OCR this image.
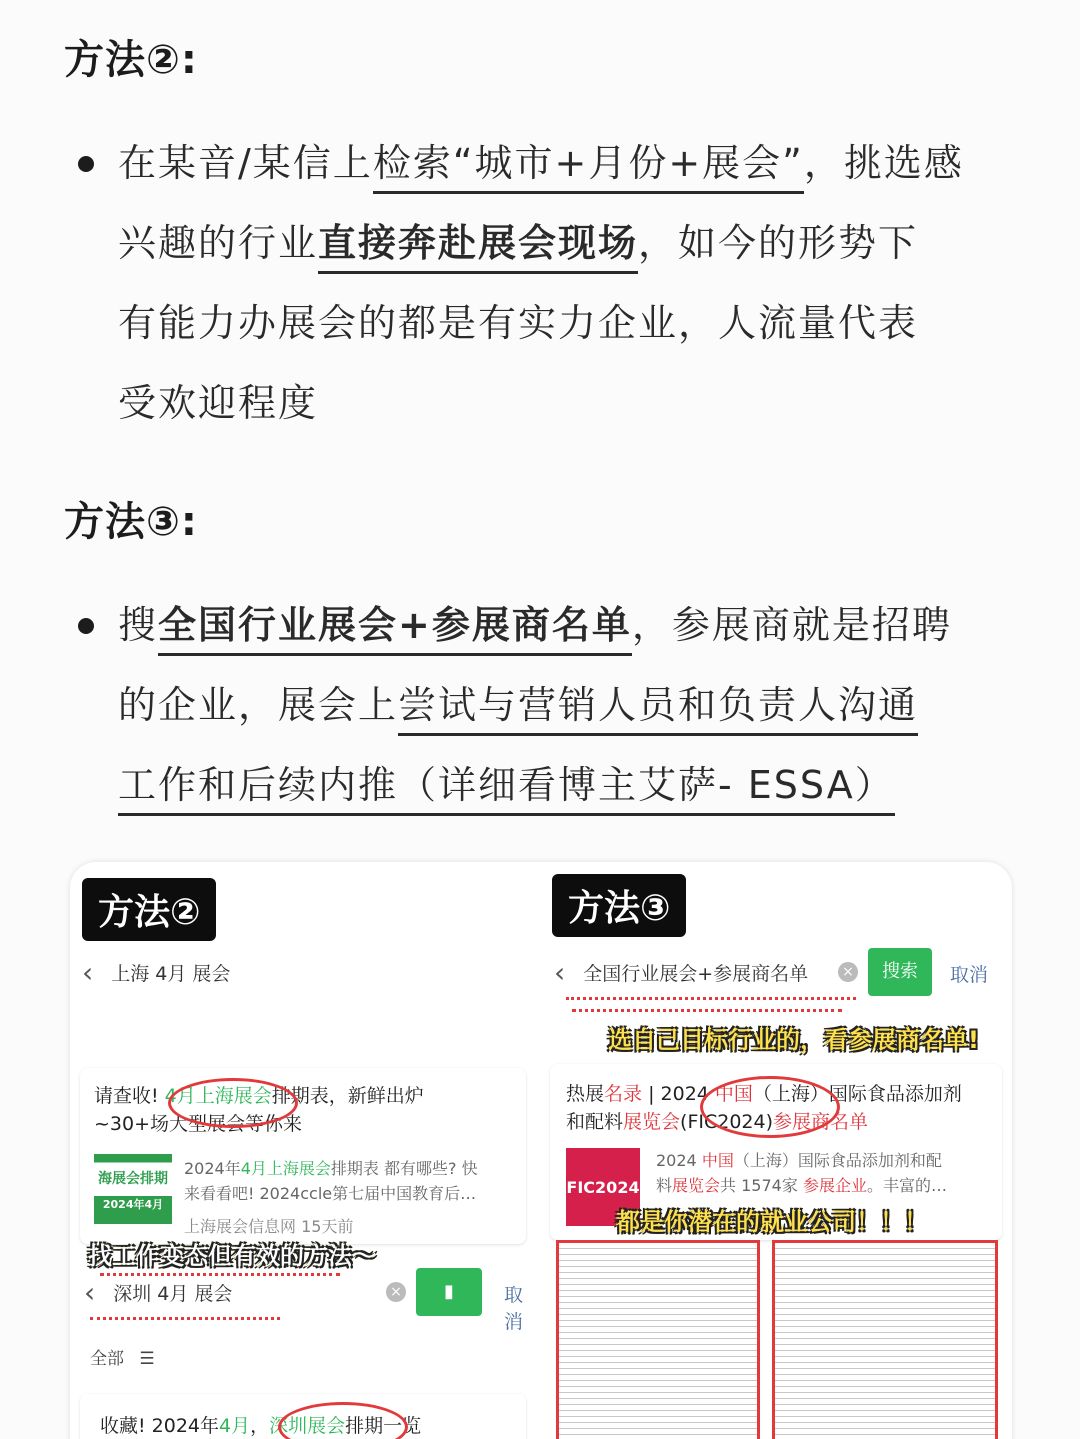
方法②:
在某音/某信上检索“城市+月份+展会”，挑选感
兴趣的行业直接奔赴展会现场，如今的形势下
有能力办展会的都是有实力企业，人流量代表
受欢迎程度
方法③:
搜全国行业展会+参展商名单，参展商就是招聘
的企业，展会上尝试与营销人员和负责人沟通
工作和后续内推（详细看博主艾萨- ESSA）
方法②	方法③
‹ 上海 4月 展会
请查收! 4月上海展会排期表，新鲜出炉
~30+场大型展会等你来
海展会排期
2024年4月
2024年4月上海展会排期表 都有哪些? 快
来看看吧! 2024ccle第七届中国教育后…
上海展会信息网 15天前
找工作变态但有效的方法～
‹ 深圳 4月 展会	×	▮	取消
全部 ☰
收藏! 2024年4月，深圳展会排期一览
‹ 全国行业展会+参展商名单 ×	搜索	取消
选自己目标行业的，看参展商名单!
热展名录 | 2024 中国（上海）国际食品添加剂
和配料展览会(FIC2024)参展商名单
FIC2024
2024 中国（上海）国际食品添加剂和配
料展览会共 1574家 参展企业。丰富的…
都是你潜在的就业公司！！！
